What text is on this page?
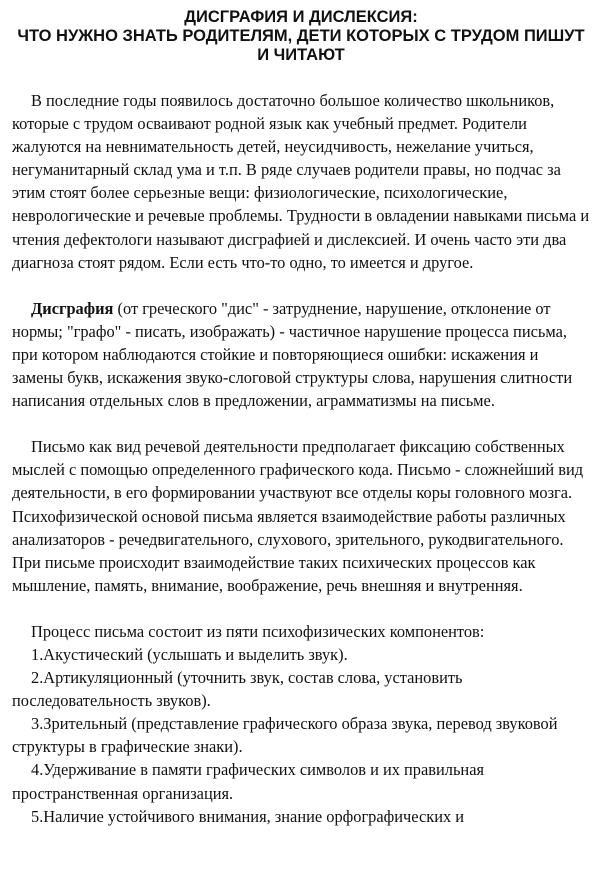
ДИСГРАФИЯ И ДИСЛЕКСИЯ:
ЧТО НУЖНО ЗНАТЬ РОДИТЕЛЯМ, ДЕТИ КОТОРЫХ С ТРУДОМ ПИШУТ
И ЧИТАЮТ

В последние годы появилось достаточно большое количество школьников, которые с трудом осваивают родной язык как учебный предмет. Родители жалуются на невнимательность детей, неусидчивость, нежелание учиться, негуманитарный склад ума и т.п. В ряде случаев родители правы, но подчас за этим стоят более серьезные вещи: физиологические, психологические, неврологические и речевые проблемы. Трудности в овладении навыками письма и чтения дефектологи называют дисграфией и дислексией. И очень часто эти два диагноза стоят рядом. Если есть что-то одно, то имеется и другое.

Дисграфия (от греческого "дис" - затруднение, нарушение, отклонение от нормы; "графо" - писать, изображать) - частичное нарушение процесса письма, при котором наблюдаются стойкие и повторяющиеся ошибки: искажения и замены букв, искажения звуко-слоговой структуры слова, нарушения слитности написания отдельных слов в предложении, аграмматизмы на письме.

Письмо как вид речевой деятельности предполагает фиксацию собственных мыслей с помощью определенного графического кода. Письмо - сложнейший вид деятельности, в его формировании участвуют все отделы коры головного мозга. Психофизической основой письма является взаимодействие работы различных анализаторов - речедвигательного, слухового, зрительного, рукодвигательного. При письме происходит взаимодействие таких психических процессов как мышление, память, внимание, воображение, речь внешняя и внутренняя.

Процесс письма состоит из пяти психофизических компонентов:

1.Акустический (услышать и выделить звук).
2.Артикуляционный (уточнить звук, состав слова, установить последовательность звуков).
3.Зрительный (представление графического образа звука, перевод звуковой структуры в графические знаки).
4.Удерживание в памяти графических символов и их правильная пространственная организация.
5.Наличие устойчивого внимания, знание орфографических и
